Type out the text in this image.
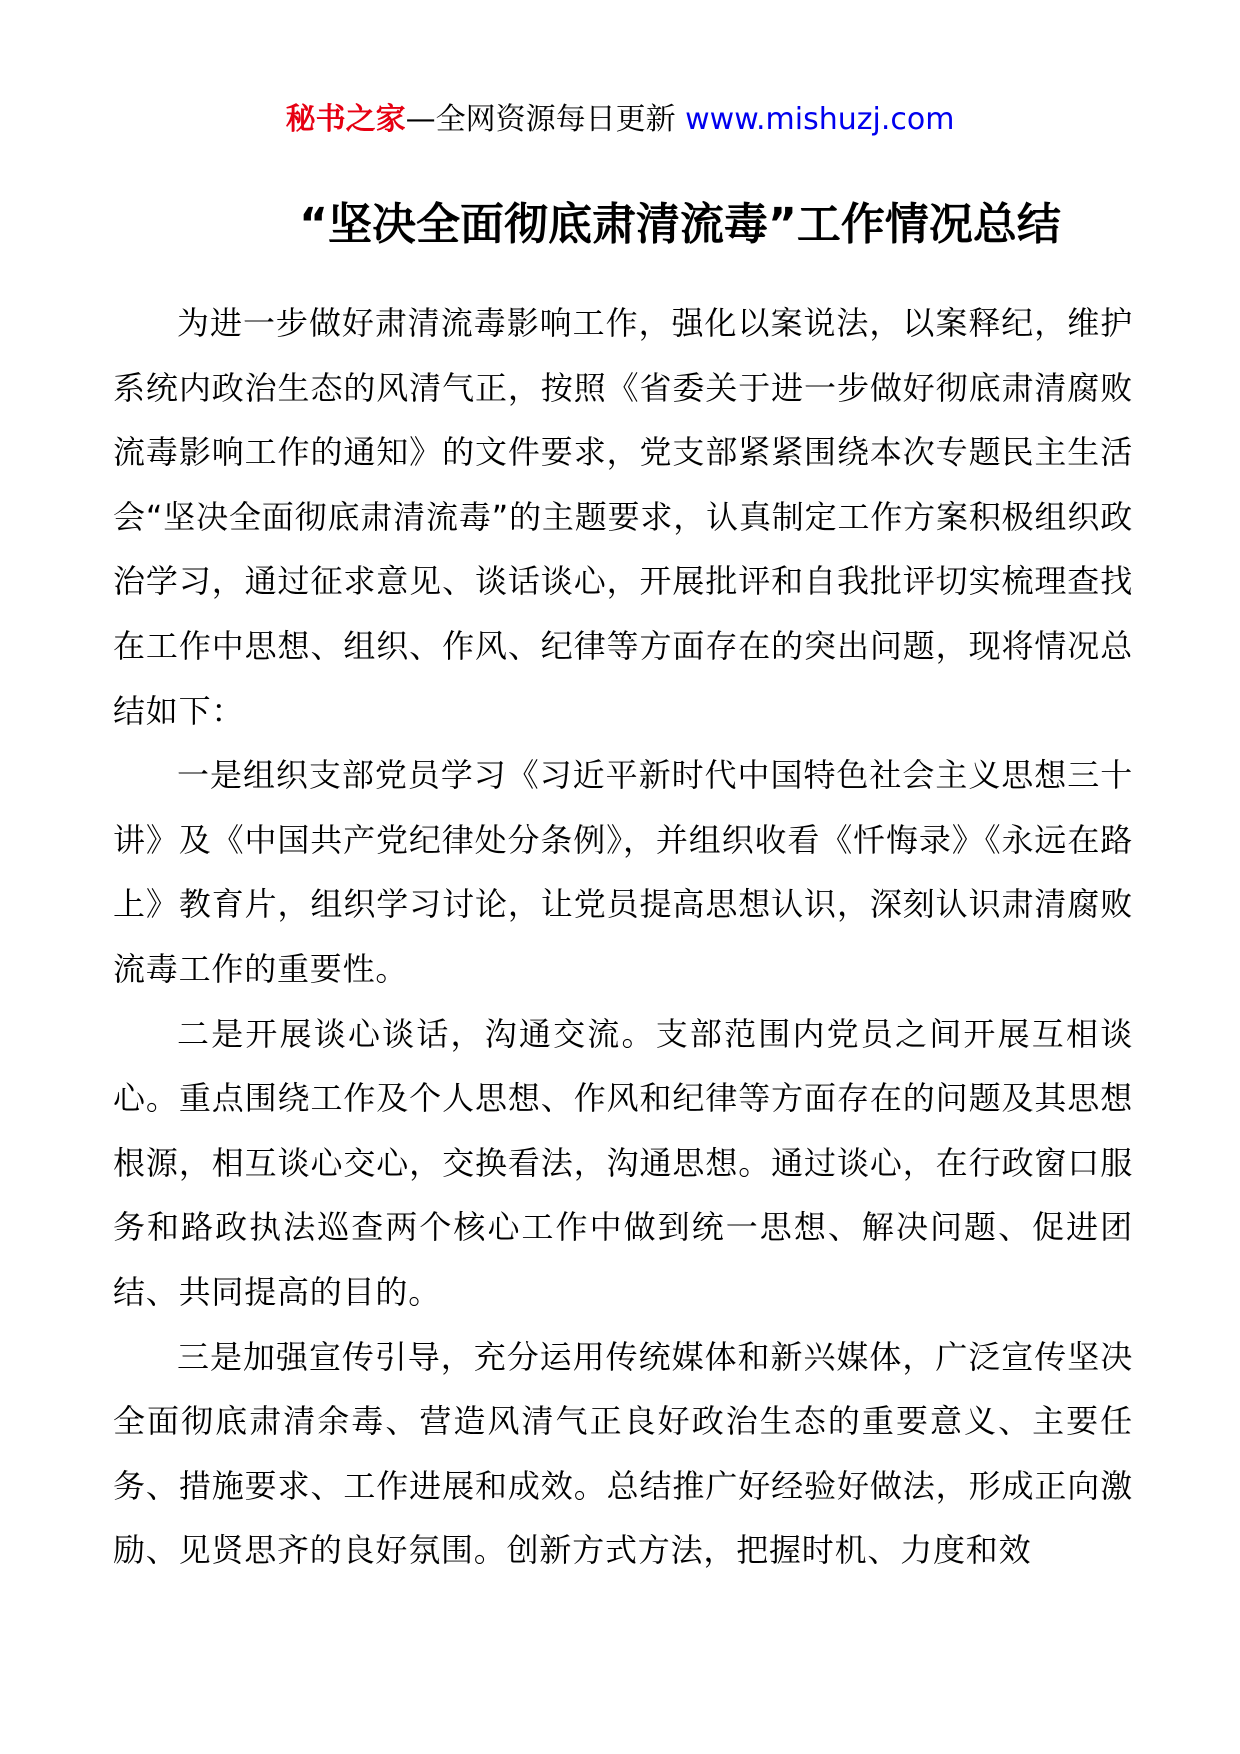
秘书之家—全网资源每日更新 www.mishuzj.com
“坚决全面彻底肃清流毒”工作情况总结

为进一步做好肃清流毒影响工作，强化以案说法，以案释纪，维护系统内政治生态的风清气正，按照《省委关于进一步做好彻底肃清腐败流毒影响工作的通知》的文件要求，党支部紧紧围绕本次专题民主生活会“坚决全面彻底肃清流毒”的主题要求，认真制定工作方案积极组织政治学习，通过征求意见、谈话谈心，开展批评和自我批评切实梳理查找在工作中思想、组织、作风、纪律等方面存在的突出问题，现将情况总结如下：

一是组织支部党员学习《习近平新时代中国特色社会主义思想三十讲》及《中国共产党纪律处分条例》，并组织收看《忏悔录》《永远在路上》教育片，组织学习讨论，让党员提高思想认识，深刻认识肃清腐败流毒工作的重要性。

二是开展谈心谈话，沟通交流。支部范围内党员之间开展互相谈心。重点围绕工作及个人思想、作风和纪律等方面存在的问题及其思想根源，相互谈心交心，交换看法，沟通思想。通过谈心，在行政窗口服务和路政执法巡查两个核心工作中做到统一思想、解决问题、促进团结、共同提高的目的。

三是加强宣传引导，充分运用传统媒体和新兴媒体，广泛宣传坚决全面彻底肃清余毒、营造风清气正良好政治生态的重要意义、主要任务、措施要求、工作进展和成效。总结推广好经验好做法，形成正向激励、见贤思齐的良好氛围。创新方式方法，把握时机、力度和效
